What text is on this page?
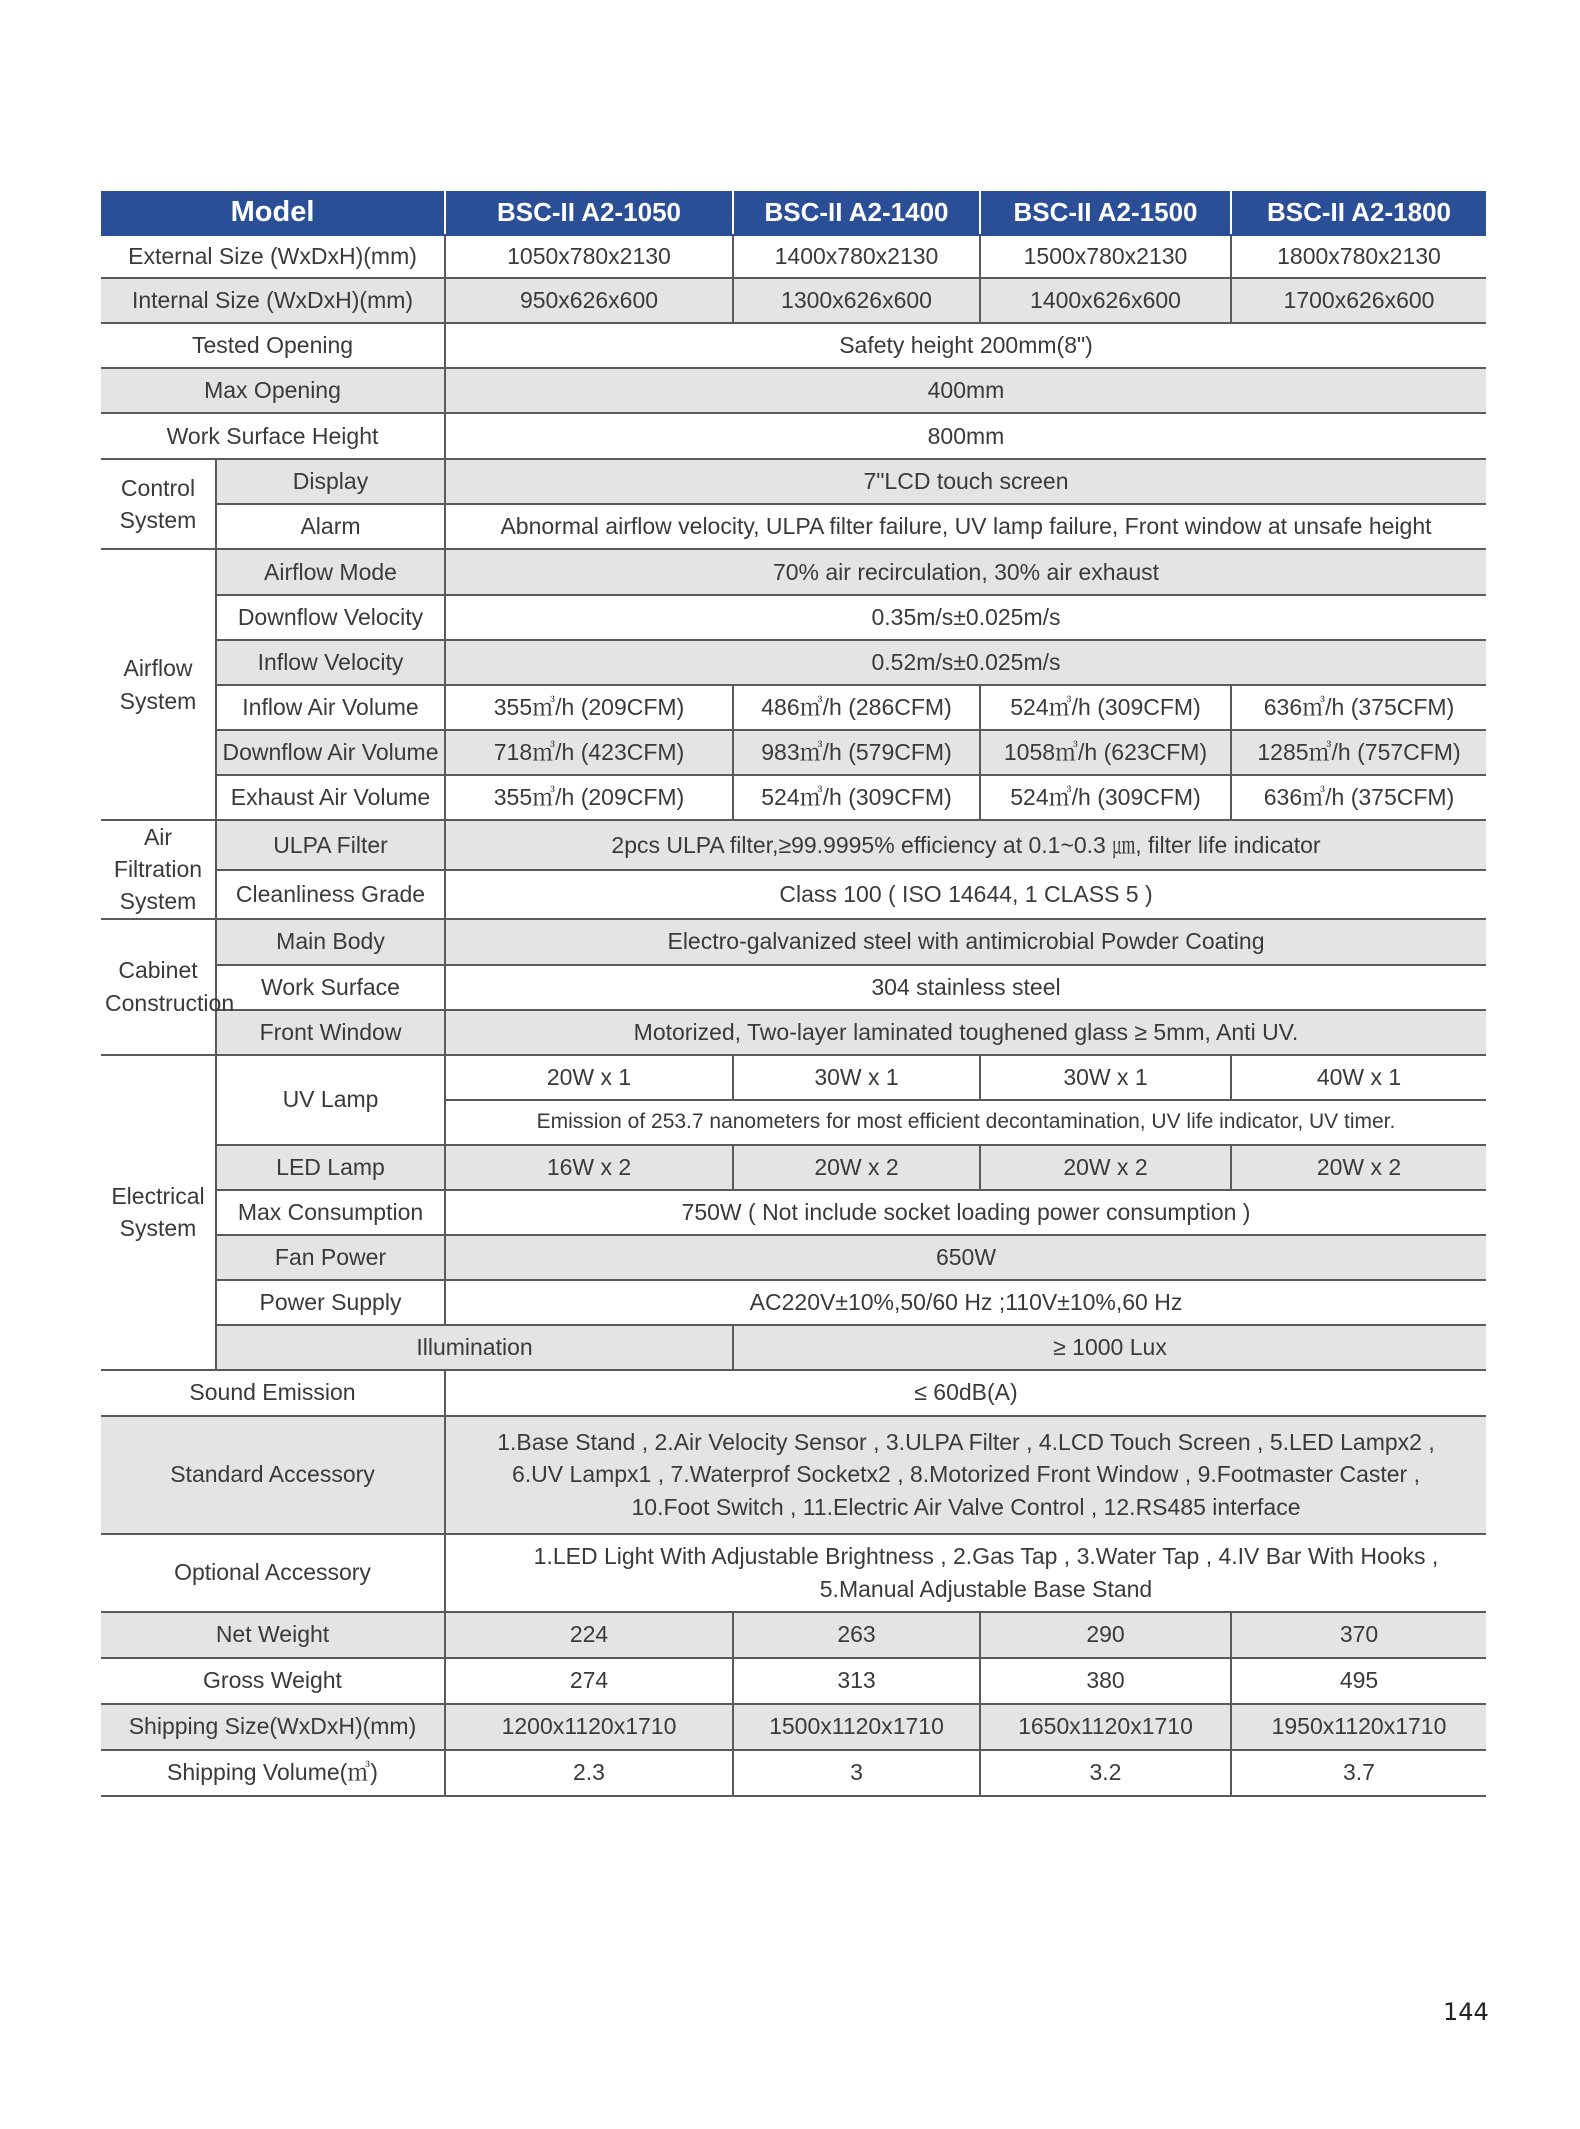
Model		BSC-II A2-1050	BSC-II A2-1400	BSC-II A2-1500	BSC-II A2-1800
External Size (WxDxH)(mm)		1050x780x2130	1400x780x2130	1500x780x2130	1800x780x2130
Internal Size (WxDxH)(mm)		950x626x600	1300x626x600	1400x626x600	1700x626x600
Tested Opening		Safety height 200mm(8")			
Max Opening		400mm			
Work Surface Height		800mm			
Control
System	Display	7"LCD touch screen			
	Alarm	Abnormal airflow velocity, ULPA filter failure, UV lamp failure, Front window at unsafe height			
Airflow
System	Airflow Mode	70% air recirculation, 30% air exhaust			
	Downflow Velocity	0.35m/s±0.025m/s			
	Inflow Velocity	0.52m/s±0.025m/s			
	Inflow Air Volume	355㎥/h (209CFM)	486㎥/h (286CFM)	524㎥/h (309CFM)	636㎥/h (375CFM)
	Downflow Air Volume	718㎥/h (423CFM)	983㎥/h (579CFM)	1058㎥/h (623CFM)	1285㎥/h (757CFM)
	Exhaust Air Volume	355㎥/h (209CFM)	524㎥/h (309CFM)	524㎥/h (309CFM)	636㎥/h (375CFM)
Air
Filtration
System	ULPA Filter	2pcs ULPA filter,≥99.9995% efficiency at 0.1~0.3 ㎛, filter life indicator			
	Cleanliness Grade	Class 100 ( ISO 14644, 1 CLASS 5 )			
Cabinet
Construction	Main Body	Electro-galvanized steel with antimicrobial Powder Coating			
	Work Surface	304 stainless steel			
	Front Window	Motorized, Two-layer laminated toughened glass ≥ 5mm, Anti UV.			
Electrical
System	UV Lamp	20W x 1	30W x 1	30W x 1	40W x 1
		Emission of 253.7 nanometers for most efficient decontamination, UV life indicator, UV timer.			
	LED Lamp	16W x 2	20W x 2	20W x 2	20W x 2
	Max Consumption	750W ( Not include socket loading power consumption )			
	Fan Power	650W			
	Power Supply	AC220V±10%,50/60 Hz ;110V±10%,60 Hz			
	Illumination		≥ 1000 Lux		
Sound Emission		≤ 60dB(A)			
Standard Accessory		1.Base Stand , 2.Air Velocity Sensor , 3.ULPA Filter , 4.LCD Touch Screen , 5.LED Lampx2 ,
6.UV Lampx1 , 7.Waterprof Socketx2 , 8.Motorized Front Window , 9.Footmaster Caster ,
10.Foot Switch , 11.Electric Air Valve Control , 12.RS485 interface			

Optional Accessory		1.LED Light With Adjustable Brightness , 2.Gas Tap , 3.Water Tap , 4.IV Bar With Hooks ,
5.Manual Adjustable Base Stand			

Net Weight		224	263	290	370
Gross Weight		274	313	380	495
Shipping Size(WxDxH)(mm)		1200x1120x1710	1500x1120x1710	1650x1120x1710	1950x1120x1710
Shipping Volume(㎥)		2.3	3	3.2	3.7
144
